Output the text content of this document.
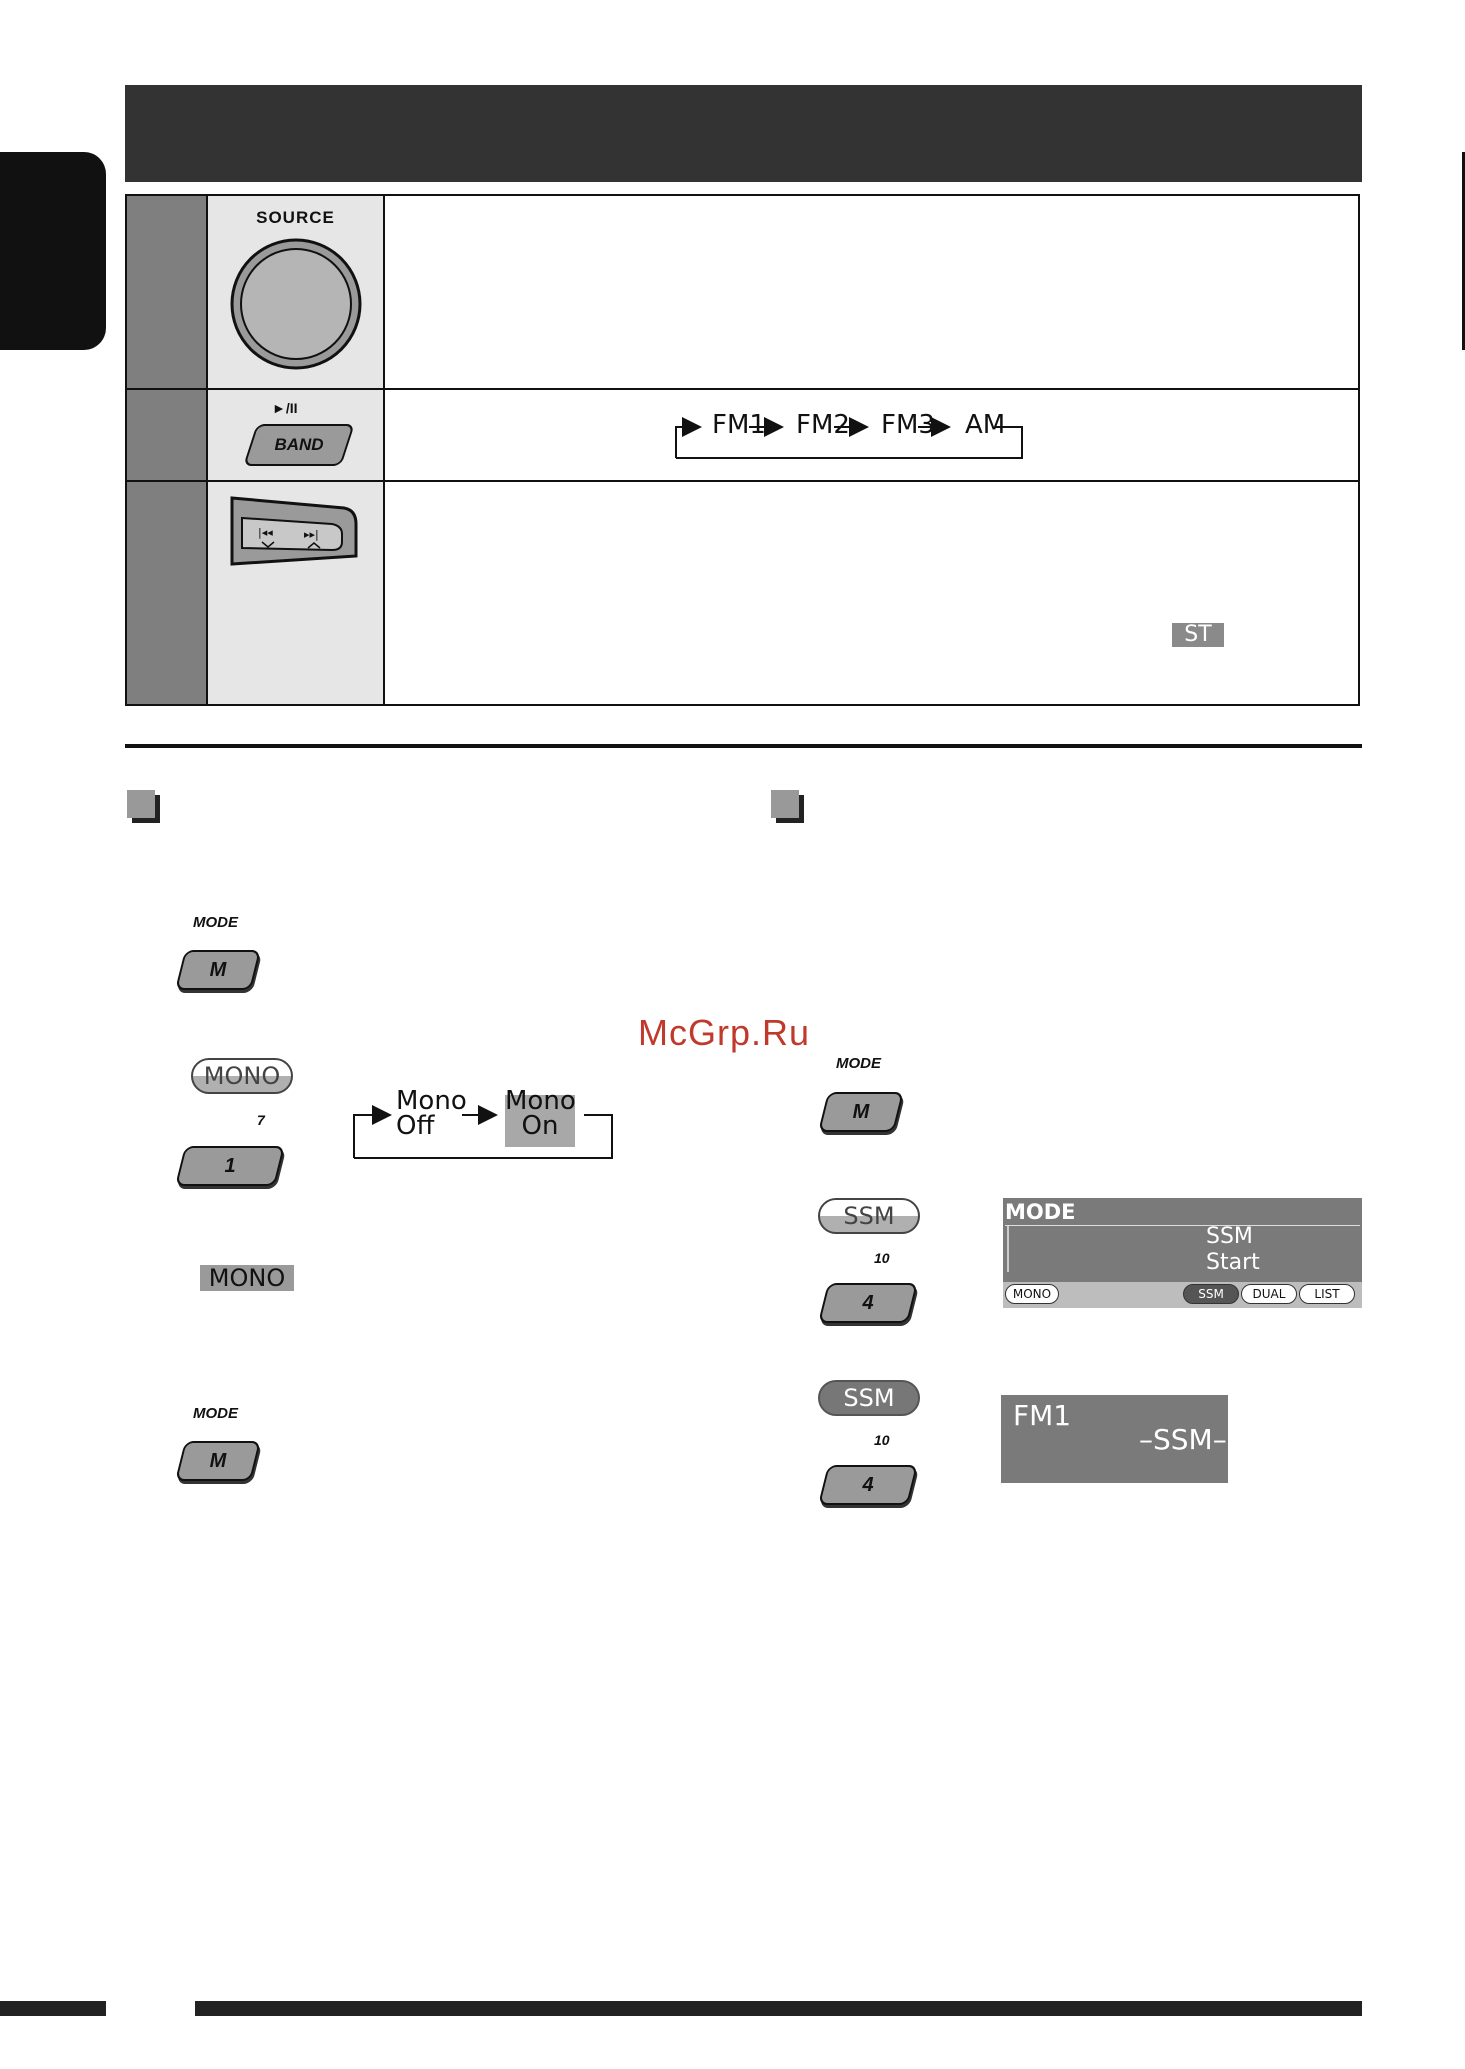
SOURCE
►/II
BAND
FM1 FM2 FM3 AM
|◂◂	▸▸|
ST
McGrp.Ru
MODE
M
MONO
7
1
Mono
Off
Mono
On
MONO
MODE
M
MODE
M
SSM
10
4
MODE
SSM
Start
MONO	SSM	DUAL	LIST
SSM
10
4
FM1
–SSM–
